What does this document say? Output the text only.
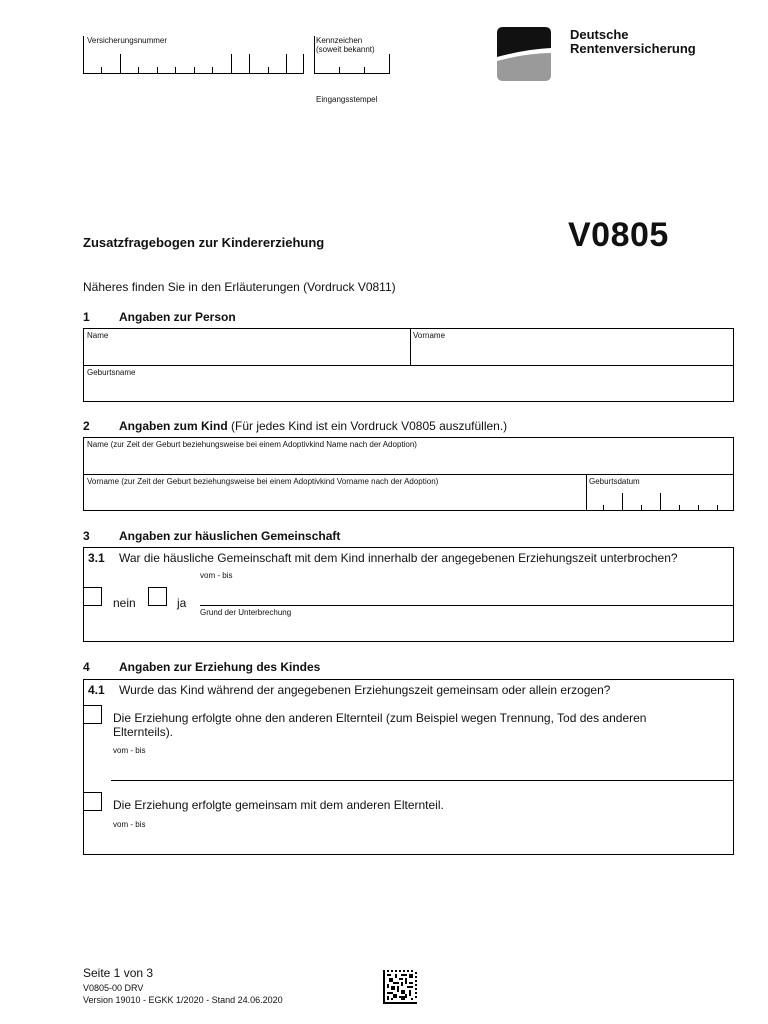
Versicherungsnummer	Kennzeichen
(soweit bekannt)
Eingangsstempel
Deutsche
Rentenversicherung
Zusatzfragebogen zur Kindererziehung	V0805
Näheres finden Sie in den Erläuterungen (Vordruck V0811)
1 Angaben zur Person
Name	Vorname
Geburtsname
2 Angaben zum Kind (Für jedes Kind ist ein Vordruck V0805 auszufüllen.)
Name (zur Zeit der Geburt beziehungsweise bei einem Adoptivkind Name nach der Adoption)
Vorname (zur Zeit der Geburt beziehungsweise bei einem Adoptivkind Vorname nach der Adoption)	Geburtsdatum
3 Angaben zur häuslichen Gemeinschaft
3.1 War die häusliche Gemeinschaft mit dem Kind innerhalb der angegebenen Erziehungszeit unterbrochen?
vom - bis
nein	ja
Grund der Unterbrechung
4 Angaben zur Erziehung des Kindes
4.1 Wurde das Kind während der angegebenen Erziehungszeit gemeinsam oder allein erzogen?
Die Erziehung erfolgte ohne den anderen Elternteil (zum Beispiel wegen Trennung, Tod des anderen Elternteils).
vom - bis
Die Erziehung erfolgte gemeinsam mit dem anderen Elternteil.
vom - bis
Seite 1 von 3
V0805-00 DRV
Version 19010 - EGKK 1/2020 - Stand 24.06.2020
